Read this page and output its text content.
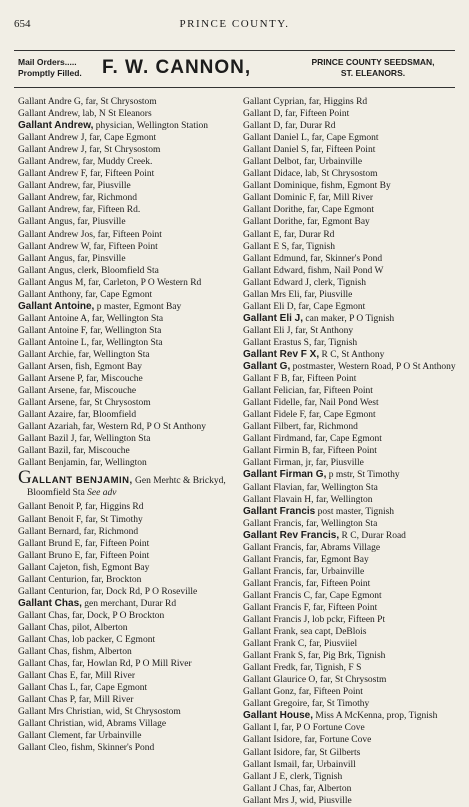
654	PRINCE COUNTY.
Mail Orders.....
Promptly Filled. F. W. CANNON,	PRINCE COUNTY SEEDSMAN,
ST. ELEANORS.
Gallant Andre G, far, St Chrysostom
Gallant Andrew, lab, N St Eleanors
Gallant Andrew, physician, Wellington Station
Gallant Andrew J, far, Cape Egmont
Gallant Andrew J, far, St Chrysostom
Gallant Andrew, far, Muddy Creek.
Gallant Andrew F, far, Fifteen Point
Gallant Andrew, far, Piusville
Gallant Andrew, far, Richmond
Gallant Andrew, far, Fifteen Rd.
Gallant Angus, far, Piusville
Gallant Andrew Jos, far, Fifteen Point
Gallant Andrew W, far, Fifteen Point
Gallant Angus, far, Pinsville
Gallant Angus, clerk, Bloomfield Sta
Gallant Angus M, far, Carleton, P O Western Rd
Gallant Anthony, far, Cape Egmont
Gallant Antoine, p master, Egmont Bay
Gallant Antoine A, far, Wellington Sta
Gallant Antoine F, far, Wellington Sta
Gallant Antoine L, far, Wellington Sta
Gallant Archie, far, Wellington Sta
Gallant Arsen, fish, Egmont Bay
Gallant Arsene P, far, Miscouche
Gallant Arsene, far, Miscouche
Gallant Arsene, far, St Chrysostom
Gallant Azaire, far, Bloomfield
Gallant Azariah, far, Western Rd, P O St Anthony
Gallant Bazil J, far, Wellington Sta
Gallant Bazil, far, Miscouche
Gallant Benjamin, far, Wellington
GALLANT BENJAMIN, Gen Merhtc & Brickyd, Bloomfield Sta See adv
Gallant Benoit P, far, Higgins Rd
Gallant Benoit F, far, St Timothy
Gallant Bernard, far, Richmond
Gallant Brund E, far, Fifteen Point
Gallant Bruno E, far, Fifteen Point
Gallant Cajeton, fish, Egmont Bay
Gallant Centurion, far, Brockton
Gallant Centurion, far, Dock Rd, P O Roseville
Gallant Chas, gen merchant, Durar Rd
Gallant Chas, far, Dock, P O Brockton
Gallant Chas, pilot, Alberton
Gallant Chas, lob packer, C Egmont
Gallant Chas, fishm, Alberton
Gallant Chas, far, Howlan Rd, P O Mill River
Gallant Chas E, far, Mill River
Gallant Chas L, far, Cape Egmont
Gallant Chas P, far, Mill River
Gallant Mrs Christian, wid, St Chrysostom
Gallant Christian, wid, Abrams Village
Gallant Clement, far Urbainville
Gallant Cleo, fishm, Skinner's Pond
Gallant Cyprian, far, Higgins Rd
Gallant D, far, Fifteen Point
Gallant D, far, Durar Rd
Gallant Daniel L, far, Cape Egmont
Gallant Daniel S, far, Fifteen Point
Gallant Delbot, far, Urbainville
Gallant Didace, lab, St Chrysostom
Gallant Dominique, fishm, Egmont By
Gallant Dominic F, far, Mill River
Gallant Dorithe, far, Cape Egmont
Gallant Dorithe, far, Egmont Bay
Gallant E, far, Durar Rd
Gallant E S, far, Tignish
Gallant Edmund, far, Skinner's Pond
Gallant Edward, fishm, Nail Pond W
Gallant Edward J, clerk, Tignish
Gallan Mrs Eli, far, Piusville
Gallant Eli D, far, Cape Egmont
Gallant Eli J, can maker, P O Tignish
Gallant Eli J, far, St Anthony
Gallant Erastus S, far, Tignish
Gallant Rev F X, R C, St Anthony
Gallant G, postmaster, Western Road, P O St Anthony
Gallant F B, far, Fifteen Point
Gallant Felician, far, Fifteen Point
Gallant Fidelle, far, Nail Pond West
Gallant Fidele F, far, Cape Egmont
Gallant Filbert, far, Richmond
Gallant Firdmand, far, Cape Egmont
Gallant Firmin B, far, Fifteen Point
Gallant Firman, jr, far, Piusville
Gallant Firman G, p mstr, St Timothy
Gallant Flavian, far, Wellington Sta
Gallant Flavain H, far, Wellington
Gallant Francis post master, Tignish
Gallant Francis, far, Wellington Sta
Gallant Rev Francis, R C, Durar Road
Gallant Francis, far, Abrams Village
Gallant Francis, far, Egmont Bay
Gallant Francis, far, Urbainville
Gallant Francis, far, Fifteen Point
Gallant Francis C, far, Cape Egmont
Gallant Francis F, far, Fifteen Point
Gallant Francis J, lob pckr, Fifteen Pt
Gallant Frank, sea capt, DeBlois
Gallant Frank C, far, Piusviiel
Gallant Frank S, far, Pig Brk, Tignish
Gallant Fredk, far, Tignish, F S
Gallant Glaurice O, far, St Chrysostm
Gallant Gonz, far, Fifteen Point
Gallant Gregoire, far, St Timothy
Gallant House, Miss A McKenna, prop, Tignish
Gallant I, far, P O Fortune Cove
Gallant Isidore, far, Fortune Cove
Gallant Isidore, far, St Gilberts
Gallant Ismail, far, Urbainvill
Gallant J E, clerk, Tignish
Gallant J Chas, far, Alberton
Gallant Mrs J, wid, Piusville
